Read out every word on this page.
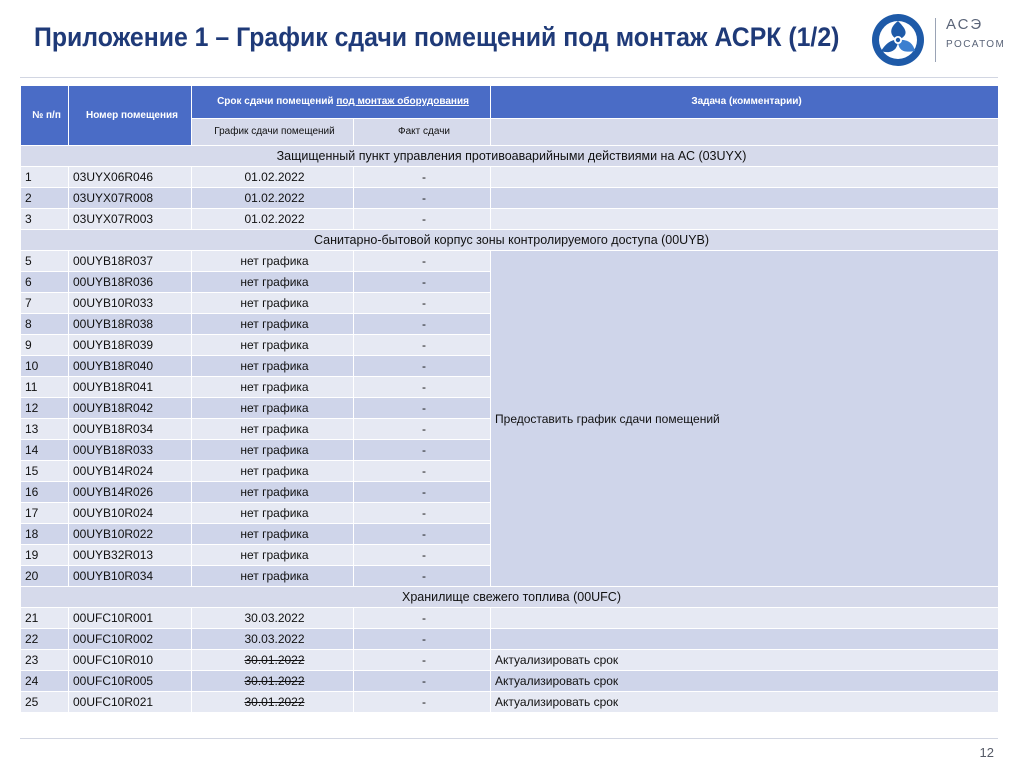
Приложение 1 – График сдачи помещений под монтаж АСРК (1/2)	АСЭ
РОСАТОМ
№ п/п	Номер помещения	Срок сдачи помещений под монтаж оборудования		Задача (комментарии)
		График сдачи помещений	Факт сдачи	
Защищенный пункт управления противоаварийными действиями на АС (03UYX)				
1	03UYX06R046	01.02.2022	-	
2	03UYX07R008	01.02.2022	-	
3	03UYX07R003	01.02.2022	-	
Санитарно-бытовой корпус зоны контролируемого доступа (00UYB)				
5	00UYB18R037	нет графика	-	Предоставить график сдачи помещений
6	00UYB18R036	нет графика	-	
7	00UYB10R033	нет графика	-	
8	00UYB18R038	нет графика	-	
9	00UYB18R039	нет графика	-	
10	00UYB18R040	нет графика	-	
11	00UYB18R041	нет графика	-	
12	00UYB18R042	нет графика	-	
13	00UYB18R034	нет графика	-	
14	00UYB18R033	нет графика	-	
15	00UYB14R024	нет графика	-	
16	00UYB14R026	нет графика	-	
17	00UYB10R024	нет графика	-	
18	00UYB10R022	нет графика	-	
19	00UYB32R013	нет графика	-	
20	00UYB10R034	нет графика	-	
Хранилище свежего топлива (00UFC)				
21	00UFC10R001	30.03.2022	-	
22	00UFC10R002	30.03.2022	-	
23	00UFC10R010	30.01.2022	-	Актуализировать срок
24	00UFC10R005	30.01.2022	-	Актуализировать срок
25	00UFC10R021	30.01.2022	-	Актуализировать срок
12
